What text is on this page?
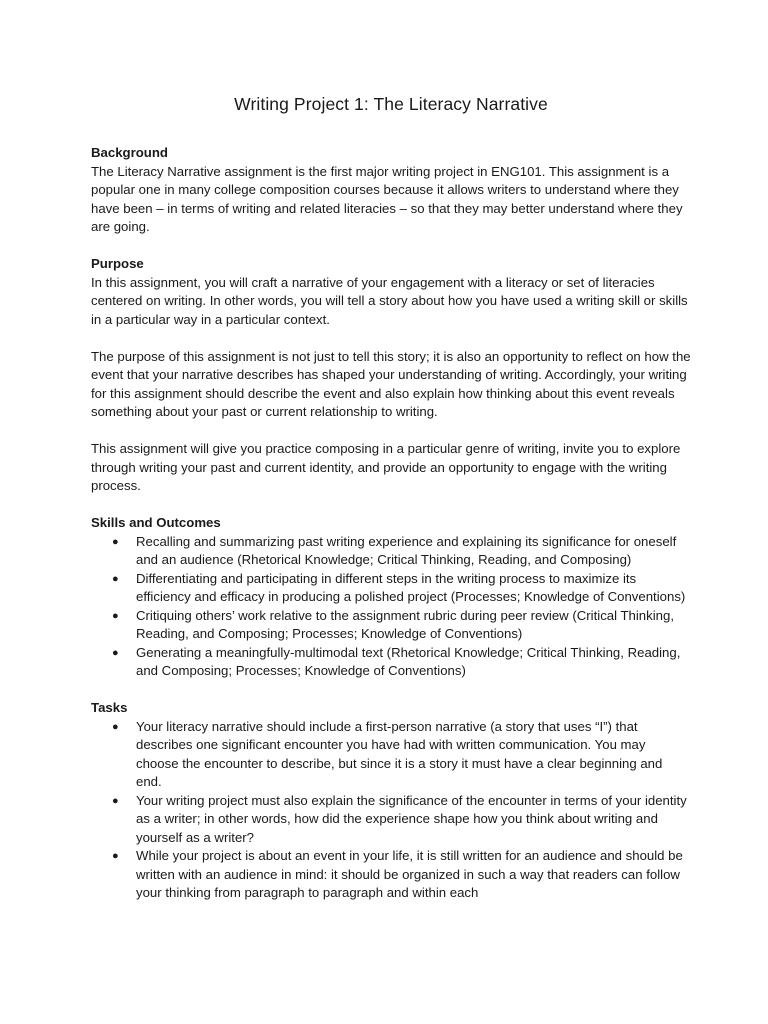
Writing Project 1: The Literacy Narrative

Background

The Literacy Narrative assignment is the first major writing project in ENG101. This assignment is a popular one in many college composition courses because it allows writers to understand where they have been – in terms of writing and related literacies – so that they may better understand where they are going.

Purpose

In this assignment, you will craft a narrative of your engagement with a literacy or set of literacies centered on writing. In other words, you will tell a story about how you have used a writing skill or skills in a particular way in a particular context.

The purpose of this assignment is not just to tell this story; it is also an opportunity to reflect on how the event that your narrative describes has shaped your understanding of writing. Accordingly, your writing for this assignment should describe the event and also explain how thinking about this event reveals something about your past or current relationship to writing.

This assignment will give you practice composing in a particular genre of writing, invite you to explore through writing your past and current identity, and provide an opportunity to engage with the writing process.

Skills and Outcomes

● Recalling and summarizing past writing experience and explaining its significance for oneself and an audience (Rhetorical Knowledge; Critical Thinking, Reading, and Composing)
● Differentiating and participating in different steps in the writing process to maximize its efficiency and efficacy in producing a polished project (Processes; Knowledge of Conventions)
● Critiquing others’ work relative to the assignment rubric during peer review (Critical Thinking, Reading, and Composing; Processes; Knowledge of Conventions)
● Generating a meaningfully-multimodal text (Rhetorical Knowledge; Critical Thinking, Reading, and Composing; Processes; Knowledge of Conventions)

Tasks

● Your literacy narrative should include a first-person narrative (a story that uses “I”) that describes one significant encounter you have had with written communication. You may choose the encounter to describe, but since it is a story it must have a clear beginning and end.
● Your writing project must also explain the significance of the encounter in terms of your identity as a writer; in other words, how did the experience shape how you think about writing and yourself as a writer?
● While your project is about an event in your life, it is still written for an audience and should be written with an audience in mind: it should be organized in such a way that readers can follow your thinking from paragraph to paragraph and within each
